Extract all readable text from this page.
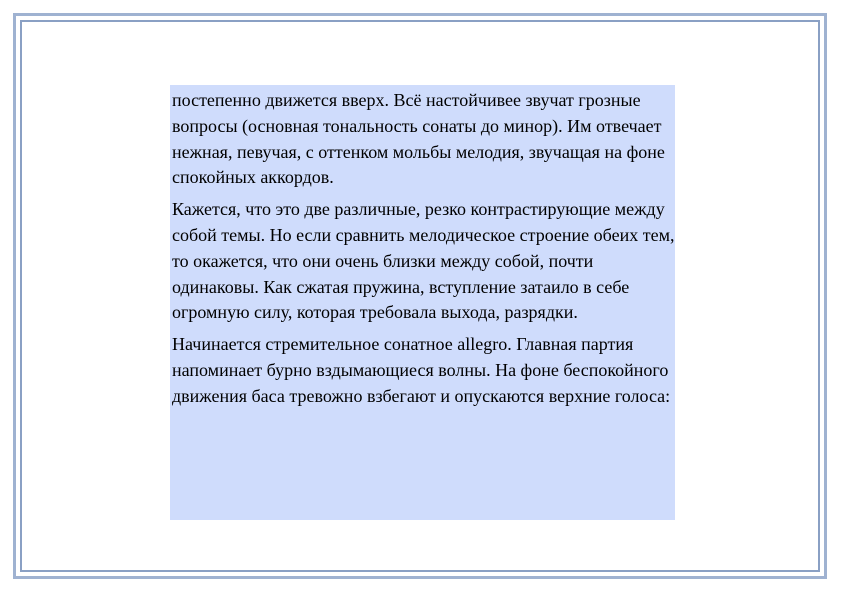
постепенно движется вверх. Всё настойчивее звучат грозные вопросы (основная тональность сонаты до минор). Им отвечает нежная, певучая, с оттенком мольбы мелодия, звучащая на фоне спокойных аккордов.

Кажется, что это две различные, резко контрастирующие между собой темы. Но если сравнить мелодическое строение обеих тем, то окажется, что они очень близки между собой, почти одинаковы. Как сжатая пружина, вступление затаило в себе огромную силу, которая требовала выхода, разрядки.

Начинается стремительное сонатное allegro. Главная партия напоминает бурно вздымающиеся волны. На фоне беспокойного движения баса тревожно взбегают и опускаются верхние голоса:
